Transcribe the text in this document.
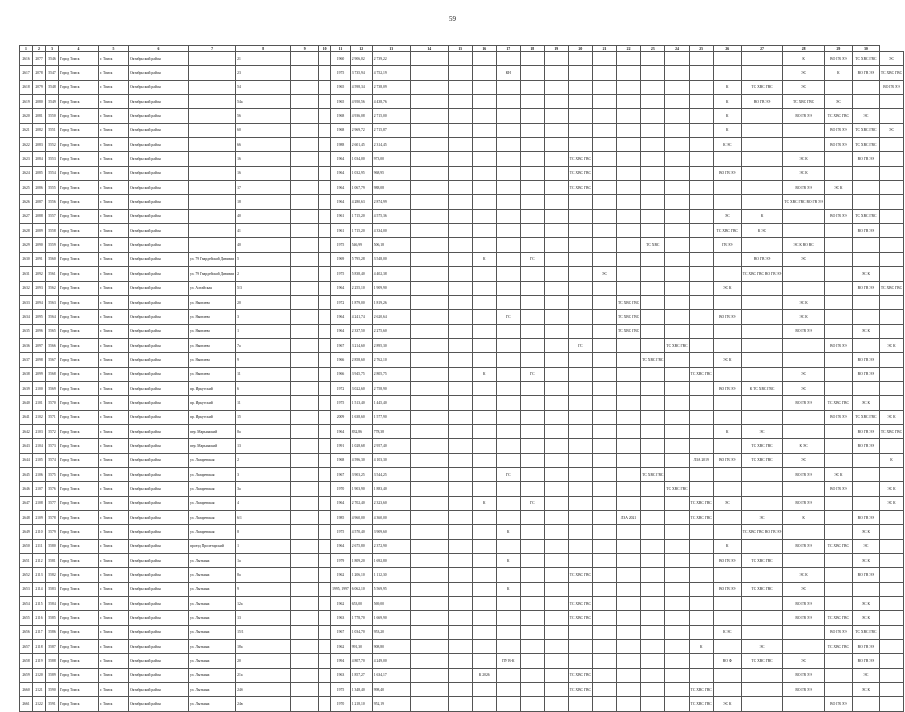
59
1	2	3	4	5	6	7	8	9	10	11	12	13	14	15	16	17	18	19	20	21	22	23	24	25	26	27	28	29	30	
2616	2077	5546	Город Томск	г. Томск	Октябрьский район		21			1960	2 906,02	2 739,22															К	ВО ГВ ЭЭ	ТС ХВС ГВС	ЭС
2617	2078	5547	Город Томск	г. Томск	Октябрьский район		23			1975	3 735,94	4 752,19				КН											ЭС	К	ВО ГВ ЭЭ	ТС ХВС ГВС
2618	2079	5548	Город Томск	г. Томск	Октябрьский район		54			1965	4 598,34	2 738,09													К	ТС ХВС ГВС	ЭС			ВО ГВ ЭЭ
2619	2080	5549	Город Томск	г. Томск	Октябрьский район		54а			1965	4 950,56	4 438,76													К	ВО ГВ ЭЭ	ТС ХВС ГВС	ЭС		
2620	2081	5550	Город Томск	г. Томск	Октябрьский район		56			1968	4 936,08	2 715,00													К		ВО ГВ ЭЭ	ТС ХВС ГВС	ЭС	
2621	2082	5551	Город Томск	г. Томск	Октябрьский район		60			1968	2 969,72	2 715,87													К			ВО ГВ ЭЭ	ТС ХВС ГВС	ЭС
2622	2083	5552	Город Томск	г. Томск	Октябрьский район		66			1988	2 601,45	2 314,45													К ЭС			ВО ГВ ЭЭ	ТС ХВС ГВС	
2623	2084	5553	Город Томск	г. Томск	Октябрьский район		16			1964	1 034,00	973,00							ТС ХВС ГВС								ЭС К		ВО ГВ ЭЭ	
2624	2085	5554	Город Томск	г. Томск	Октябрьский район		16			1964	1 032,95	968,95							ТС ХВС ГВС						ВО ГВ ЭЭ		ЭС К			
2625	2086	5555	Город Томск	г. Томск	Октябрьский район		17			1964	1 067,79	988,08							ТС ХВС ГВС								ВО ГВ ЭЭ	ЭС К		
2626	2087	5556	Город Томск	г. Томск	Октябрьский район		18			1964	4 280,63	2 874,99															ТС ХВС ГВС ВО ГВ ЭЭ			
2627	2088	5557	Город Томск	г. Томск	Октябрьский район		40			1961	1 715,20	4 575,36													ЭС	К		ВО ГВ ЭЭ	ТС ХВС ГВС	
2628	2089	5558	Город Томск	г. Томск	Октябрьский район		41			1961	1 715,20	4 334,00													ТС ХВС ГВС	К ЭС			ВО ГВ ЭЭ	
2629	2090	5559	Город Томск	г. Томск	Октябрьский район		40			1975	546,99	506,18										ТС ХВС			ГВ ЭЭ		ЭС К ВО ВС			
2630	2091	5560	Город Томск	г. Томск	Октябрьский район	ул. 79 Гвардейской Дивизии	5			1969	5 795,28	3 548,00			К		ГС									ВО ГВ ЭЭ	ЭС			
2631	2092	5561	Город Томск	г. Томск	Октябрьский район	ул. 79 Гвардейской Дивизии	2			1975	5 838,40	4 402,38								ЭС						ТС ХВС ГВС ВО ГВ ЭЭ			ЭС К	
2632	2093	5562	Город Томск	г. Томск	Октябрьский район	ул. Алтайская	5/3			1964	2 255,10	1 909,90													ЭС К				ВО ГВ ЭЭ	ТС ХВС ГВС
2633	2094	5563	Город Томск	г. Томск	Октябрьский район	ул. Яковлева	20			1972	1 879,00	1 819,26									ТС ХВС ГВС						ЭС К			
2634	2095	5564	Город Томск	г. Томск	Октябрьский район	ул. Яковлева	3			1964	4 241,74	2 620,64				ГС					ТС ХВС ГВС				ВО ГВ ЭЭ		ЭС К			
2635	2096	5565	Город Томск	г. Томск	Октябрьский район	ул. Яковлева	1			1964	2 337,50	2 275,60									ТС ХВС ГВС						ВО ГВ ЭЭ		ЭС К	
2636	2097	5566	Город Томск	г. Томск	Октябрьский район	ул. Яковлева	7а			1967	3 214,60	2 895,30							ГС				ТС ХВС ГВС					ВО ГВ ЭЭ		ЭС К
2637	2098	5567	Город Томск	г. Томск	Октябрьский район	ул. Яковлева	9			1966	2 858,60	2 762,10										ТС ХВС ГВС			ЭС К				ВО ГВ ЭЭ	
2638	2099	5568	Город Томск	г. Томск	Октябрьский район	ул. Яковлева	11			1966	3 945,75	2 805,75			К		ГС							ТС ХВС ГВС			ЭС		ВО ГВ ЭЭ	
2639	2100	5569	Город Томск	г. Томск	Октябрьский район	пр. Иркутский	6			1972	3 022,60	2 758,90													ВО ГВ ЭЭ	К ТС ХВС ГВС	ЭС			
2640	2101	5570	Город Томск	г. Томск	Октябрьский район	пр. Иркутский	11			1975	1 513,40	1 445,40															ВО ГВ ЭЭ	ТС ХВС ГВС	ЭС К	
2641	2102	5571	Город Томск	г. Томск	Октябрьский район	пр. Иркутский	15			2009	1 638,60	1 577,90																ВО ГВ ЭЭ	ТС ХВС ГВС	ЭС К
2642	2103	5572	Город Томск	г. Томск	Октябрьский район	пер. Марьинский	8а			1964	832,86	778,38													К	ЭС			ВО ГВ ЭЭ	ТС ХВС ГВС
2643	2104	5573	Город Томск	г. Томск	Октябрьский район	пер. Марьинский	13			1991	1 028,68	2 957,40														ТС ХВС ГВС	К ЭС		ВО ГВ ЭЭ	
2644	2105	5574	Город Томск	г. Томск	Октябрьский район	ул. Лазаревская	2			1968	4 596,30	4 103,30												ЛЗА 2019	ВО ГВ ЭЭ	ТС ХВС ГВС	ЭС			К
2645	2106	5575	Город Томск	г. Томск	Октябрьский район	ул. Лазаревская	3			1967	3 903,25	3 544,25				ГС						ТС ХВС ГВС					ВО ГВ ЭЭ	ЭС К		
2646	2107	5576	Город Томск	г. Томск	Октябрьский район	ул. Лазаревская	3а			1970	1 903,90	1 883,40											ТС ХВС ГВС					ВО ГВ ЭЭ		ЭС К
2647	2108	5577	Город Томск	г. Томск	Октябрьский район	ул. Лазаревская	4			1964	2 702,40	2 323,60			К		ГС							ТС ХВС ГВС	ЭС		ВО ГВ ЭЭ			ЭС К
2648	2109	5578	Город Томск	г. Томск	Октябрьский район	ул. Лазаревская	6/1			1985	4 960,00	4 360,00									ЛЗА 2021			ТС ХВС ГВС		ЭС	К		ВО ГВ ЭЭ	
2649	2110	5579	Город Томск	г. Томск	Октябрьский район	ул. Лазаревская	8			1975	4 570,40	3 909,60				К										ТС ХВС ГВС ВО ГВ ЭЭ			ЭС К	
2650	2111	5580	Город Томск	г. Томск	Октябрьский район	проезд Пролетарский	1			1964	2 675,80	2 372,90													К		ВО ГВ ЭЭ	ТС ХВС ГВС	ЭС	
2651	2112	5581	Город Томск	г. Томск	Октябрьский район	ул. Лыткина	1а			1979	1 809,20	1 692,80				К									ВО ГВ ЭЭ	ТС ХВС ГВС			ЭС К	
2652	2113	5582	Город Томск	г. Томск	Октябрьский район	ул. Лыткина	8а			1962	1 206,10	1 112,30							ТС ХВС ГВС								ЭС К		ВО ГВ ЭЭ	
2653	2114	5583	Город Томск	г. Томск	Октябрьский район	ул. Лыткина	9			1995, 1997	6 062,10	5 569,95				К									ВО ГВ ЭЭ	ТС ХВС ГВС	ЭС			
2654	2115	5584	Город Томск	г. Томск	Октябрьский район	ул. Лыткина	12а			1962	653,00	569,00							ТС ХВС ГВС								ВО ГВ ЭЭ		ЭС К	
2655	2116	5585	Город Томск	г. Томск	Октябрьский район	ул. Лыткина	13			1963	1 778,70	1 669,90							ТС ХВС ГВС								ВО ГВ ЭЭ	ТС ХВС ГВС	ЭС К	
2656	2117	5586	Город Томск	г. Томск	Октябрьский район	ул. Лыткина	15/1			1967	1 034,70	953,20													К ЭС			ВО ГВ ЭЭ	ТС ХВС ГВС	
2657	2118	5587	Город Томск	г. Томск	Октябрьский район	ул. Лыткина	18а			1962	991,30	908,80												К		ЭС		ТС ХВС ГВС	ВО ГВ ЭЭ	
2658	2119	5588	Город Томск	г. Томск	Октябрьский район	ул. Лыткина	20			1994	4 807,70	4 249,00				ПУ В-К									ВО Ф	ТС ХВС ГВС	ЭС		ВО ГВ ЭЭ	
2659	2120	5589	Город Томск	г. Томск	Октябрьский район	ул. Лыткина	21а			1963	1 857,27	1 634,17			К 2026				ТС ХВС ГВС								ВО ГВ ЭЭ		ЭС	
2660	2121	5590	Город Томск	г. Томск	Октябрьский район	ул. Лыткина	24б			1975	1 348,40	998,40							ТС ХВС ГВС					ТС ХВС ГВС			ВО ГВ ЭЭ		ЭС К	
2661	2122	5591	Город Томск	г. Томск	Октябрьский район	ул. Лыткина	24в			1970	1 218,10	952,19												ТС ХВС ГВС	ЭС К			ВО ГВ ЭЭ		
